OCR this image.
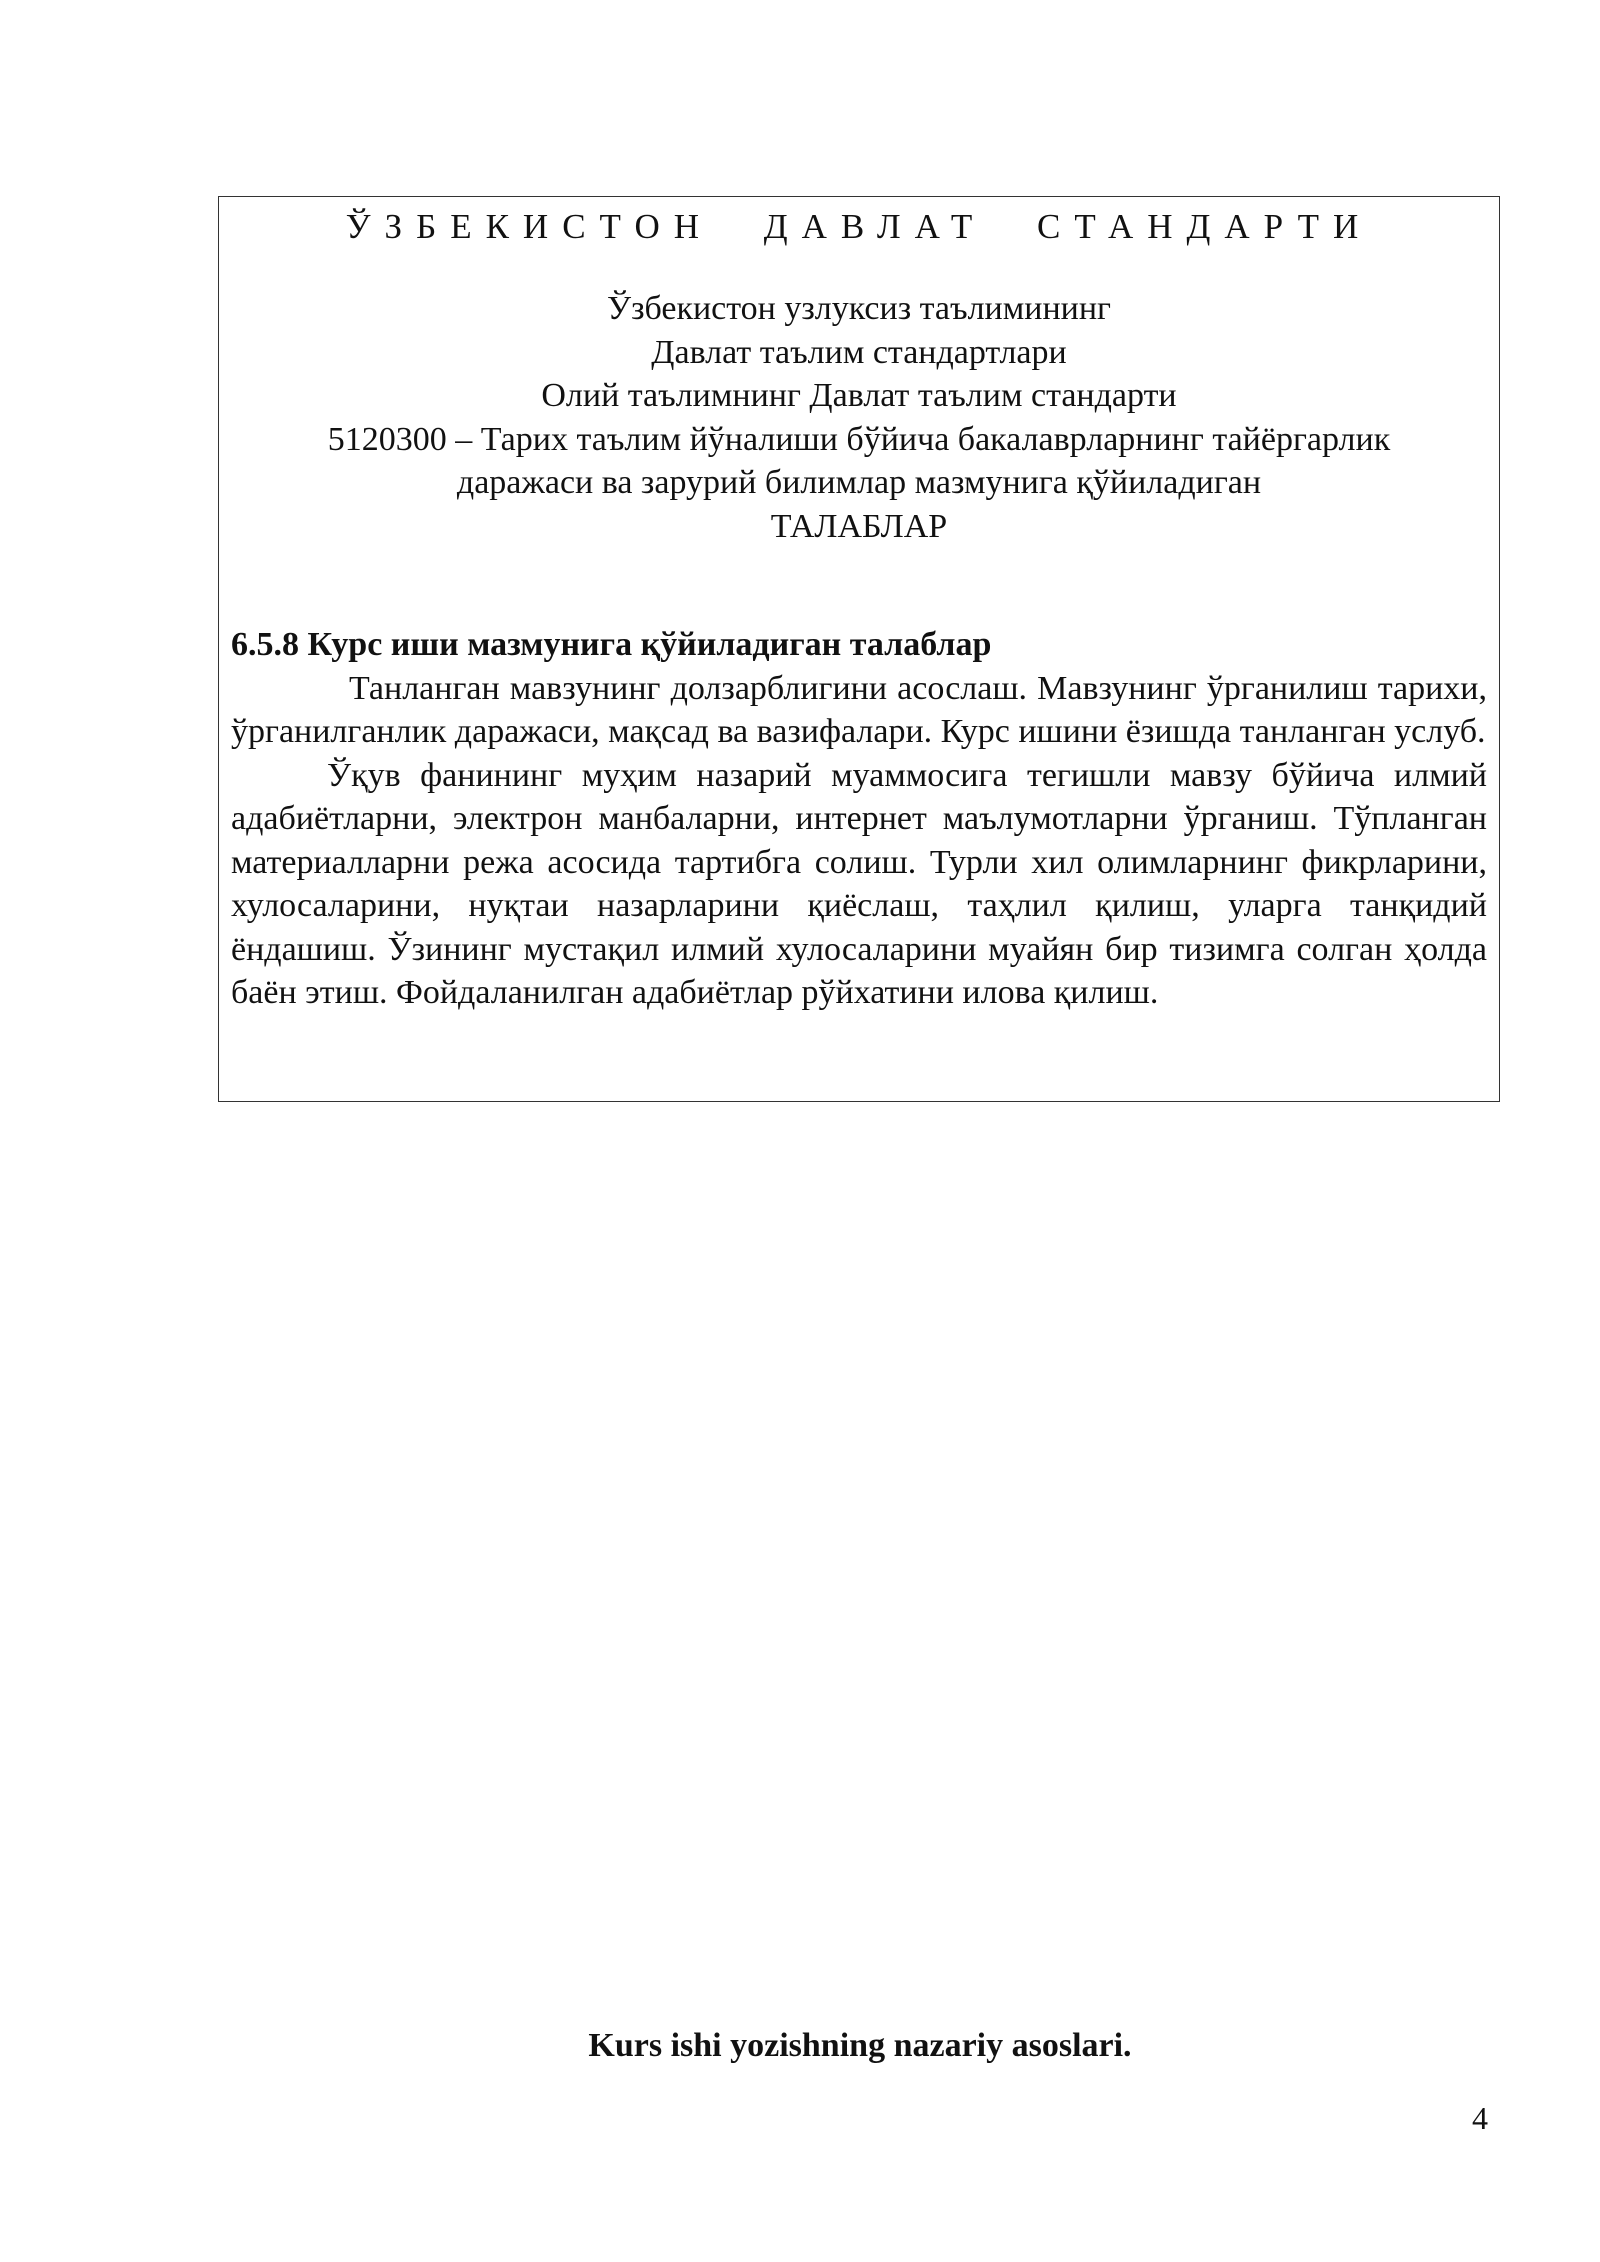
ЎЗБЕКИСТОН ДАВЛАТ СТАНДАРТИ
Ўзбекистон узлуксиз таълимининг
Давлат таълим стандартлари
Олий таълимнинг Давлат таълим стандарти
5120300 – Тарих таълим йўналиши бўйича бакалаврларнинг тайёргарлик
даражаси ва зарурий билимлар мазмунига қўйиладиган
ТАЛАБЛАР
6.5.8 Курс иши мазмунига қўйиладиган талаблар

Танланган мавзунинг долзарблигини асослаш. Мавзунинг ўрганилиш тарихи, ўрганилганлик даражаси, мақсад ва вазифалари. Курс ишини ёзишда танланган услуб.

Ўқув фанининг муҳим назарий муаммосига тегишли мавзу бўйича илмий адабиётларни, электрон манбаларни, интернет маълумотларни ўрганиш. Тўпланган материалларни режа асосида тартибга солиш. Турли хил олимларнинг фикрларини, хулосаларини, нуқтаи назарларини қиёслаш, таҳлил қилиш, уларга танқидий ёндашиш. Ўзининг мустақил илмий хулосаларини муайян бир тизимга солган ҳолда баён этиш. Фойдаланилган адабиётлар рўйхатини илова қилиш.

Kurs ishi yozishning nazariy asoslari.
4
